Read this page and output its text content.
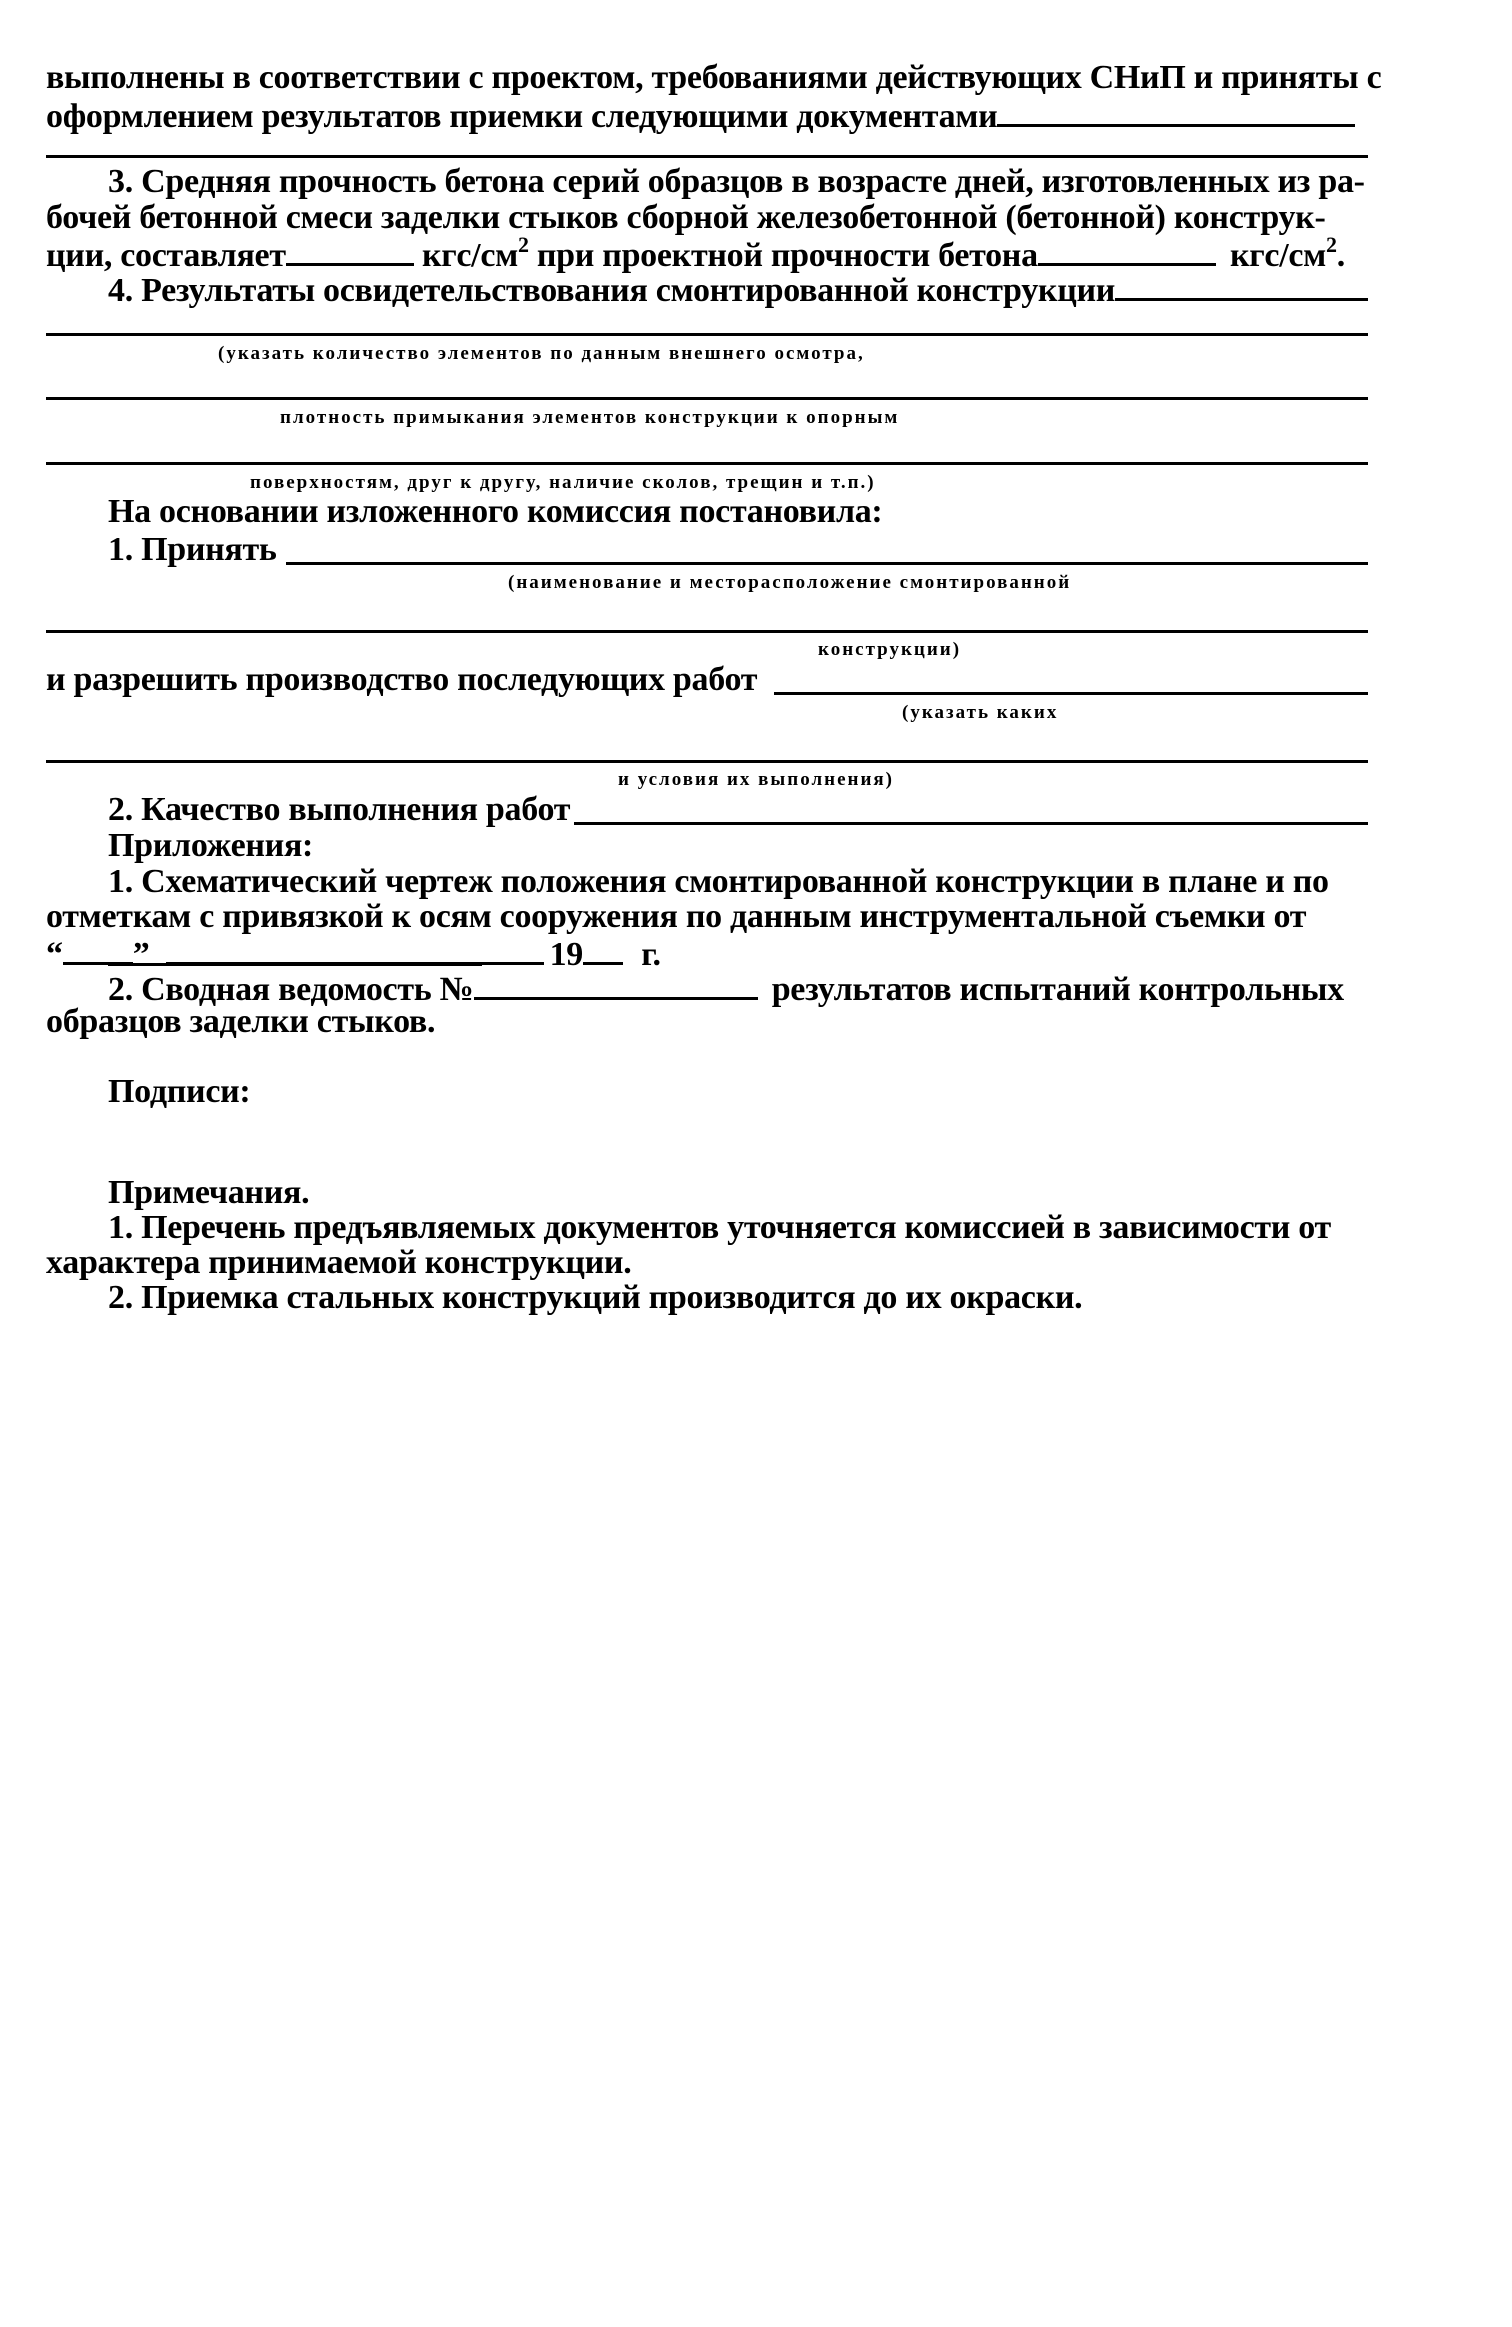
выполнены в соответствии с проектом, требованиями действующих СНиП и приняты с
оформлением результатов приемки следующими документами
3. Средняя прочность бетона серий образцов в возрасте дней, изготовленных из ра-
бочей бетонной смеси заделки стыков сборной железобетонной (бетонной) конструк-
ции, составляет	кгс/$см^2$ при проектной прочности бетона	кгс/$см^2$.
4. Результаты освидетельствования смонтированной конструкции
(указать количество элементов по данным внешнего осмотра,
плотность примыкания элементов конструкции к опорным
поверхностям, друг к другу, наличие сколов, трещин и т.п.)
На основании изложенного комиссия постановила:
1. Принять
(наименование и месторасположение смонтированной
конструкции)
и разрешить производство последующих работ
(указать каких
и условия их выполнения)
2. Качество выполнения работ
Приложения:
1. Схематический чертеж положения смонтированной конструкции в плане и по
отметкам с привязкой к осям сооружения по данным инструментальной съемки от
“ ”	19 г.
2. Сводная ведомость №	результатов испытаний контрольных
образцов заделки стыков.
Подписи:
Примечания.
1. Перечень предъявляемых документов уточняется комиссией в зависимости от
характера принимаемой конструкции.
2. Приемка стальных конструкций производится до их окраски.
